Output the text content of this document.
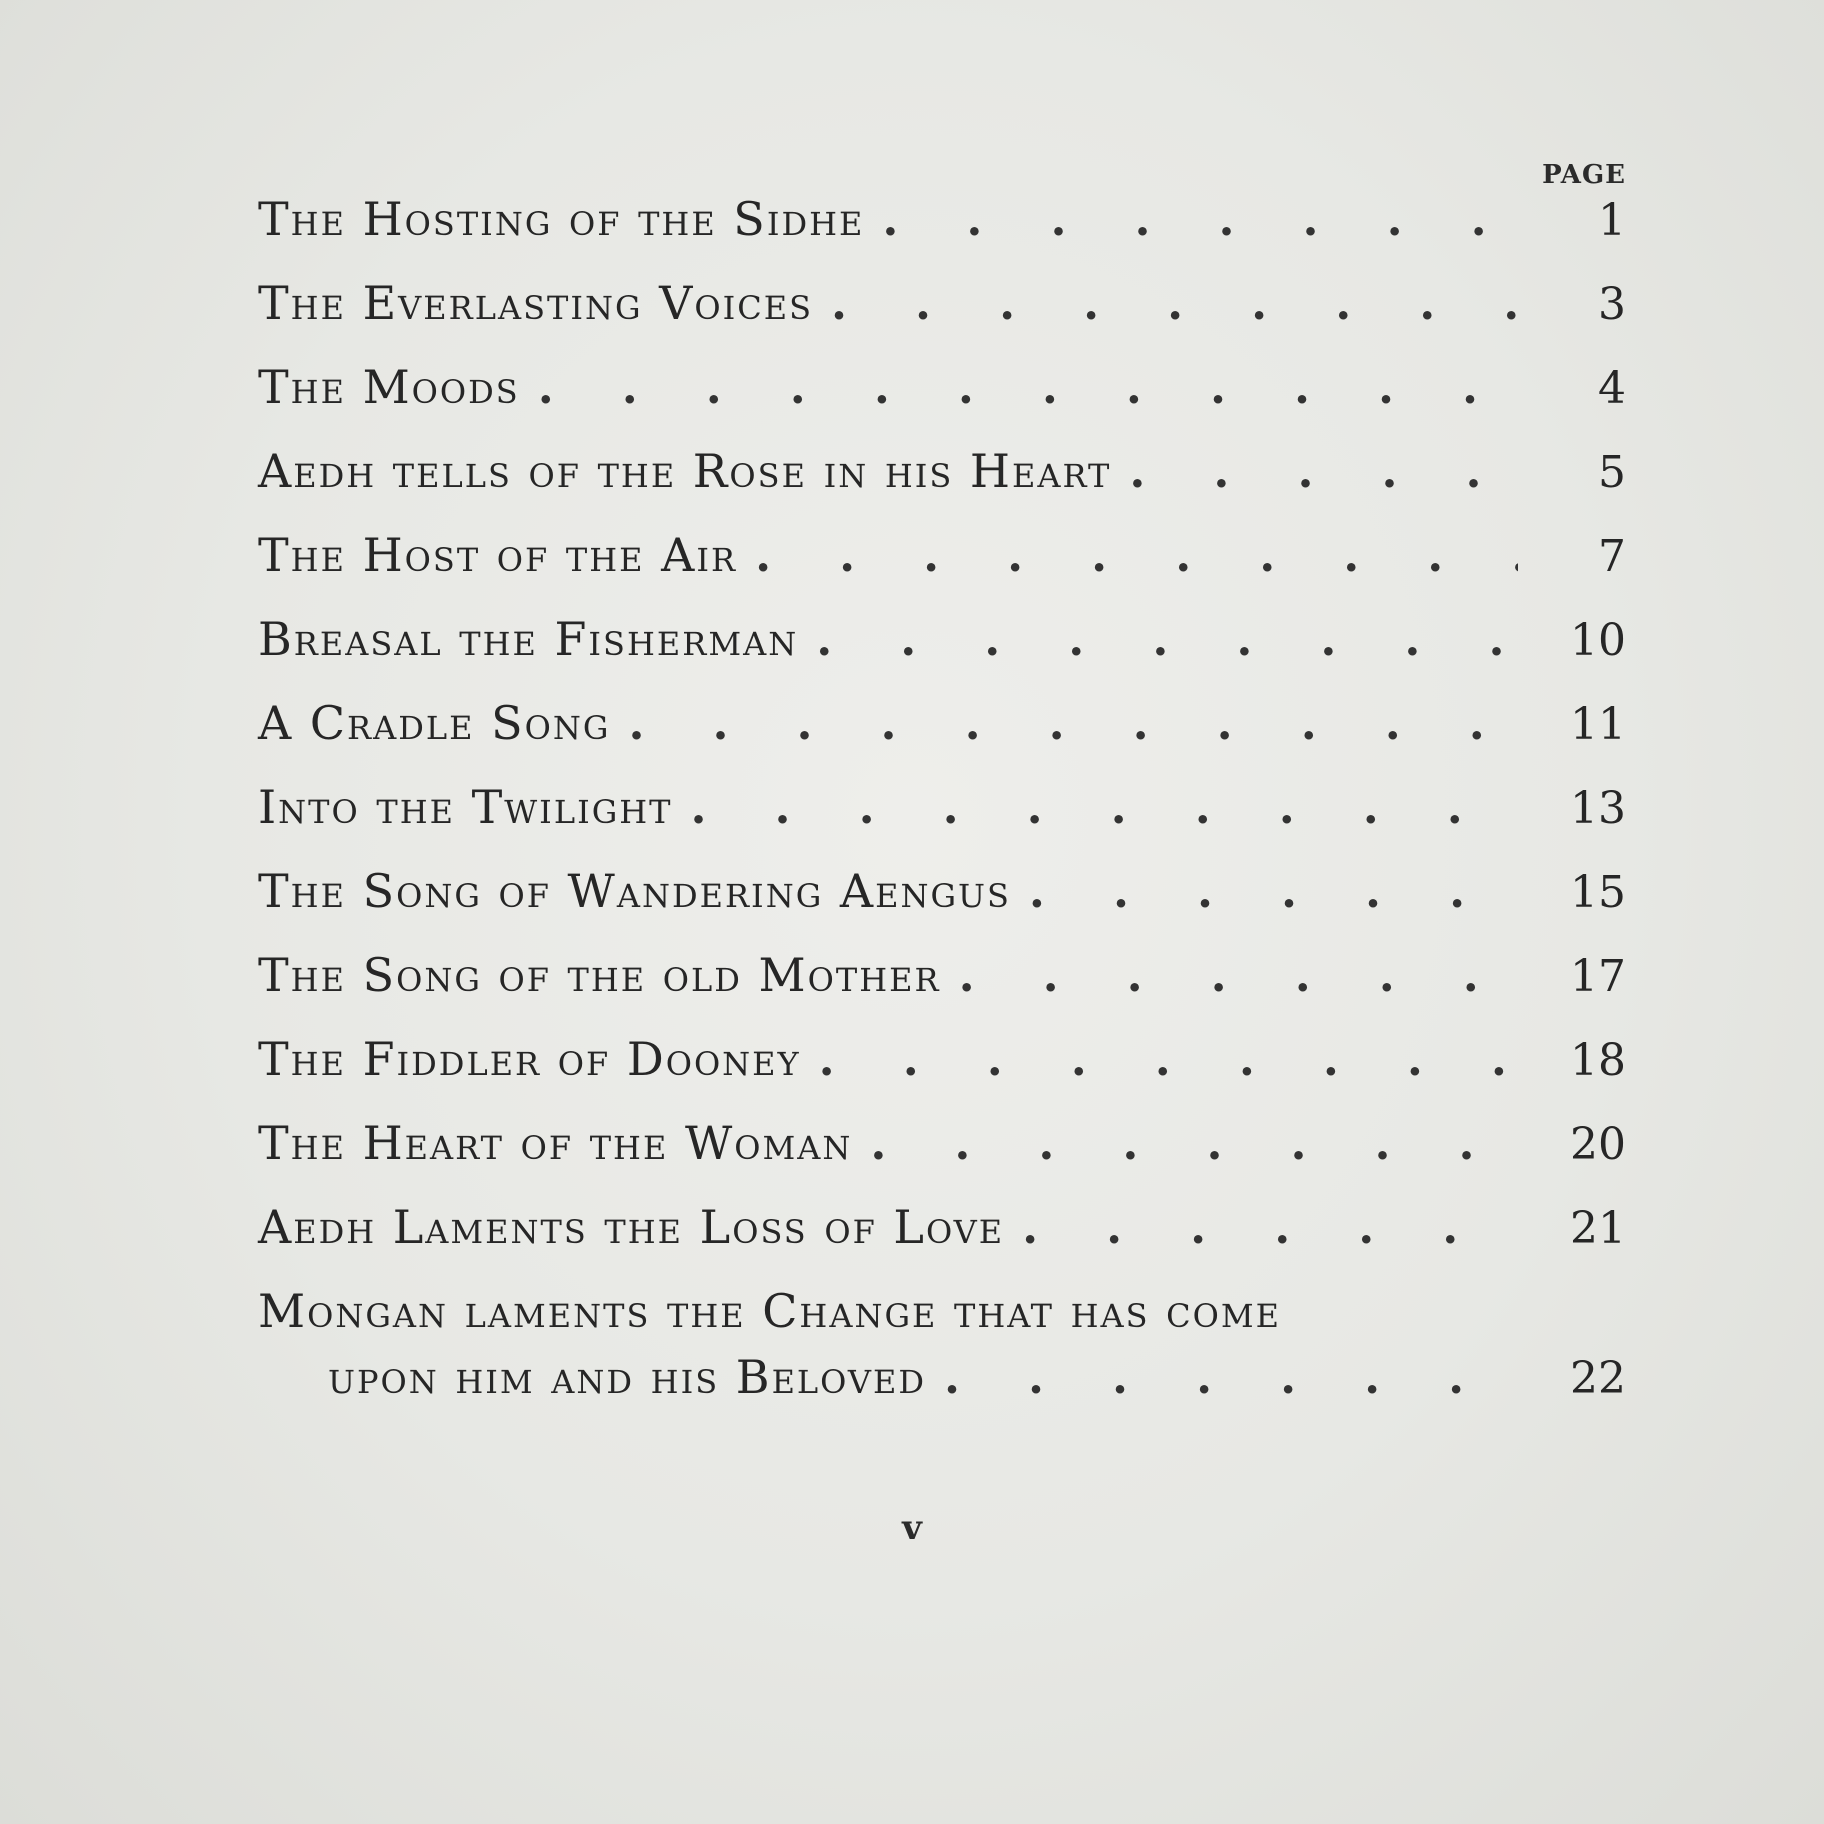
PAGE
The Hosting of the Sidhe . . .	1
The Everlasting Voices . . .	3
The Moods . . .	4
Aedh tells of the Rose in his Heart . . .	5
The Host of the Air . . .	7
Breasal the Fisherman . . .	10
A Cradle Song . . .	11
Into the Twilight . . .	13
The Song of Wandering Aengus . . .	15
The Song of the old Mother . . .	17
The Fiddler of Dooney . . .	18
The Heart of the Woman . . .	20
Aedh Laments the Loss of Love . . .	21
Mongan laments the Change that has come
upon him and his Beloved . . .	22
v
